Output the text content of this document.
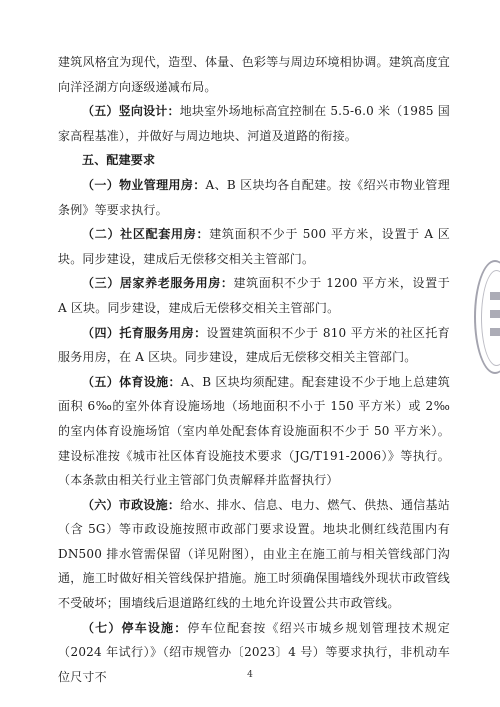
建筑风格宜为现代，造型、体量、色彩等与周边环境相协调。建筑高度宜向洋泾湖方向逐级递减布局。

（五）竖向设计：地块室外场地标高宜控制在 5.5-6.0 米（1985 国家高程基准），并做好与周边地块、河道及道路的衔接。

五、配建要求

（一）物业管理用房：A、B 区块均各自配建。按《绍兴市物业管理条例》等要求执行。

（二）社区配套用房：建筑面积不少于 500 平方米，设置于 A 区块。同步建设，建成后无偿移交相关主管部门。

（三）居家养老服务用房：建筑面积不少于 1200 平方米，设置于 A 区块。同步建设，建成后无偿移交相关主管部门。

（四）托育服务用房：设置建筑面积不少于 810 平方米的社区托育服务用房，在 A 区块。同步建设，建成后无偿移交相关主管部门。

（五）体育设施：A、B 区块均须配建。配套建设不少于地上总建筑面积 6‰的室外体育设施场地（场地面积不小于 150 平方米）或 2‰的室内体育设施场馆（室内单处配套体育设施面积不少于 50 平方米）。建设标准按《城市社区体育设施技术要求（JG/T191-2006）》等执行。（本条款由相关行业主管部门负责解释并监督执行）

（六）市政设施：给水、排水、信息、电力、燃气、供热、通信基站（含 5G）等市政设施按照市政部门要求设置。地块北侧红线范围内有 DN500 排水管需保留（详见附图），由业主在施工前与相关管线部门沟通，施工时做好相关管线保护措施。施工时须确保围墙线外现状市政管线不受破坏；围墙线后退道路红线的土地允许设置公共市政管线。

（七）停车设施：停车位配套按《绍兴市城乡规划管理技术规定（2024 年试行）》（绍市规管办〔2023〕4 号）等要求执行，非机动车位尺寸不	4
